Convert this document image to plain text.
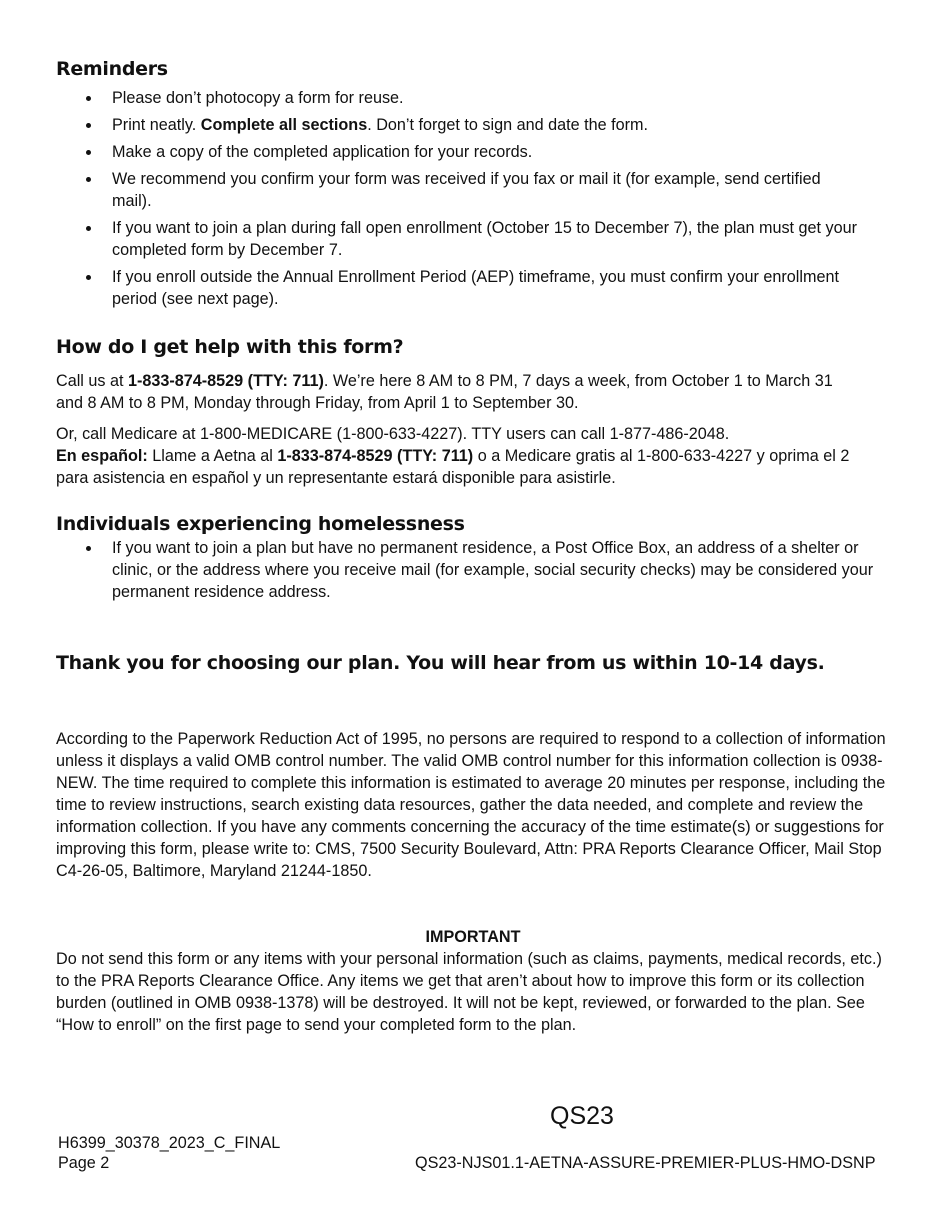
Reminders
Please don’t photocopy a form for reuse.
Print neatly. Complete all sections. Don’t forget to sign and date the form.
Make a copy of the completed application for your records.
We recommend you confirm your form was received if you fax or mail it (for example, send certified mail).
If you want to join a plan during fall open enrollment (October 15 to December 7), the plan must get your completed form by December 7.
If you enroll outside the Annual Enrollment Period (AEP) timeframe, you must confirm your enrollment period (see next page).
How do I get help with this form?
Call us at 1-833-874-8529 (TTY: 711). We’re here 8 AM to 8 PM, 7 days a week, from October 1 to March 31 and 8 AM to 8 PM, Monday through Friday, from April 1 to September 30.
Or, call Medicare at 1-800-MEDICARE (1-800-633-4227). TTY users can call 1-877-486-2048.
En español: Llame a Aetna al 1-833-874-8529 (TTY: 711) o a Medicare gratis al 1-800-633-4227 y oprima el 2 para asistencia en español y un representante estará disponible para asistirle.
Individuals experiencing homelessness
If you want to join a plan but have no permanent residence, a Post Office Box, an address of a shelter or clinic, or the address where you receive mail (for example, social security checks) may be considered your permanent residence address.
Thank you for choosing our plan. You will hear from us within 10-14 days.
According to the Paperwork Reduction Act of 1995, no persons are required to respond to a collection of information unless it displays a valid OMB control number. The valid OMB control number for this information collection is 0938-NEW. The time required to complete this information is estimated to average 20 minutes per response, including the time to review instructions, search existing data resources, gather the data needed, and complete and review the information collection. If you have any comments concerning the accuracy of the time estimate(s) or suggestions for improving this form, please write to: CMS, 7500 Security Boulevard, Attn: PRA Reports Clearance Officer, Mail Stop C4-26-05, Baltimore, Maryland 21244-1850.
IMPORTANT
Do not send this form or any items with your personal information (such as claims, payments, medical records, etc.) to the PRA Reports Clearance Office. Any items we get that aren’t about how to improve this form or its collection burden (outlined in OMB 0938-1378) will be destroyed. It will not be kept, reviewed, or forwarded to the plan. See “How to enroll” on the first page to send your completed form to the plan.
QS23
H6399_30378_2023_C_FINAL
Page 2	QS23-NJS01.1-AETNA-ASSURE-PREMIER-PLUS-HMO-DSNP
